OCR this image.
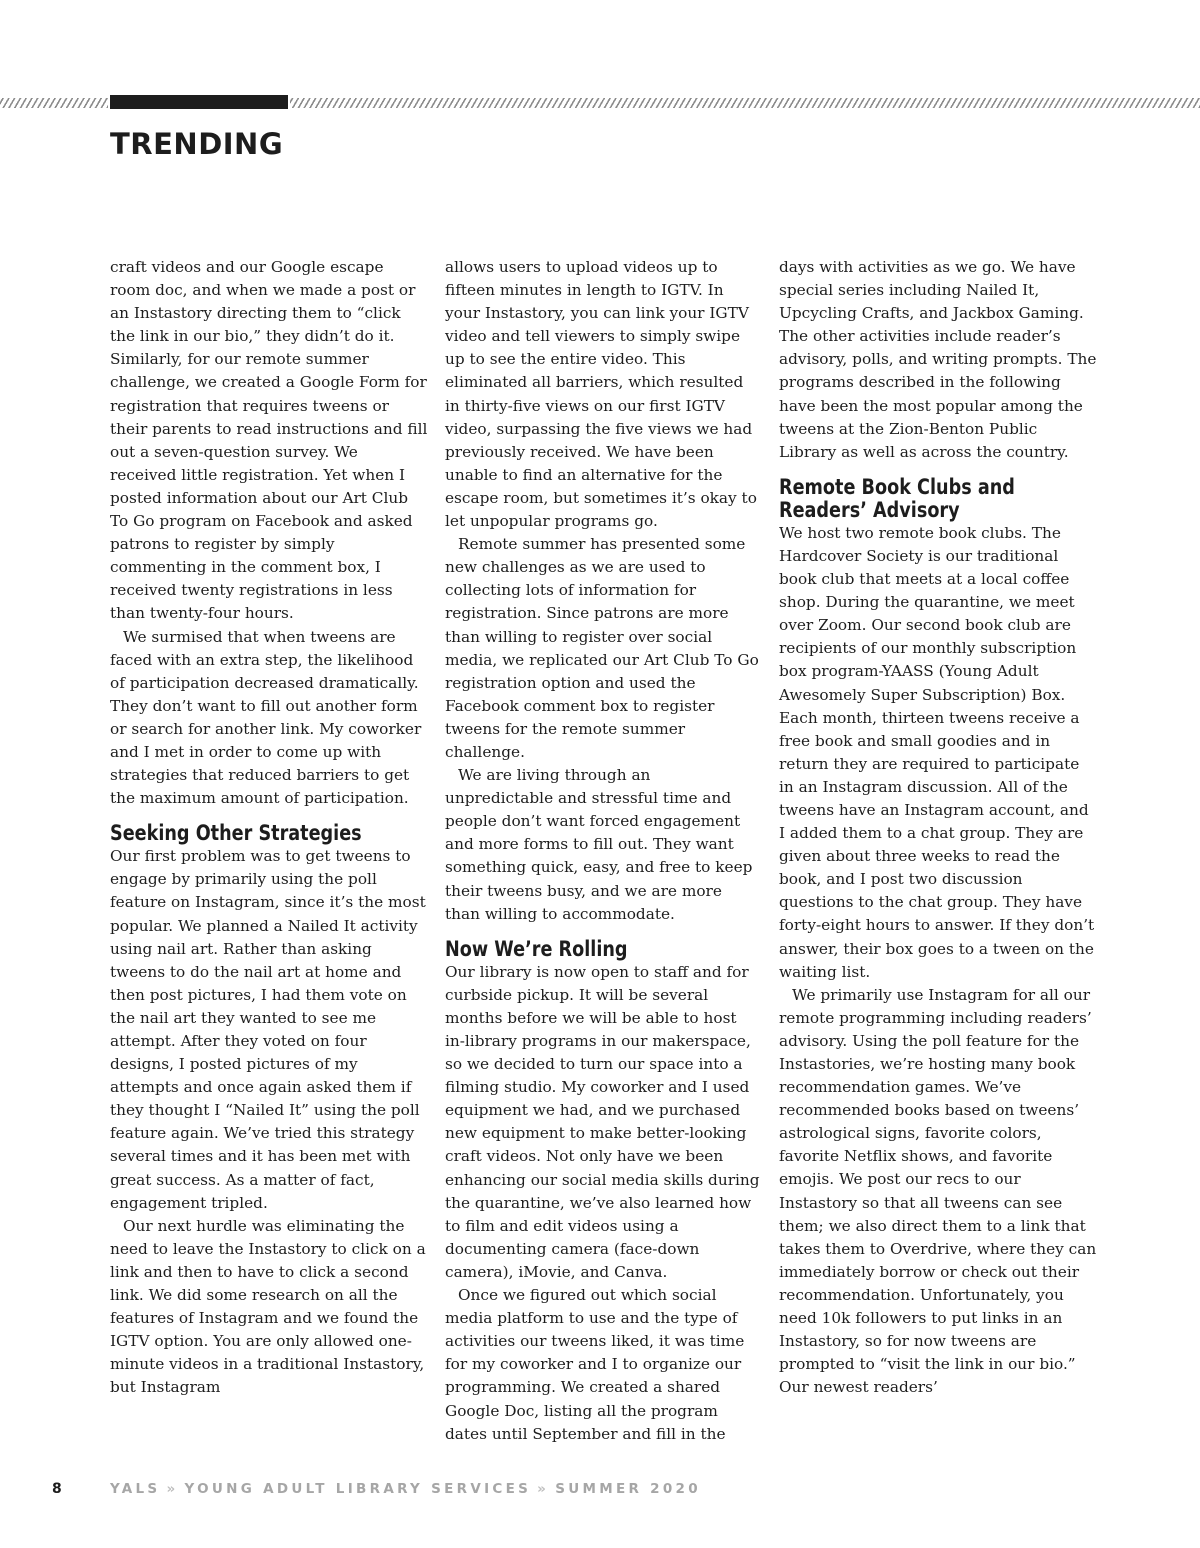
TRENDING

craft videos and our Google escape room doc, and when we made a post or an Instastory directing them to “click the link in our bio,” they didn’t do it. Similarly, for our remote summer challenge, we created a Google Form for registration that requires tweens or their parents to read instructions and fill out a seven-question survey. We received little registration. Yet when I posted information about our Art Club To Go program on Facebook and asked patrons to register by simply commenting in the comment box, I received twenty registrations in less than twenty-four hours.

We surmised that when tweens are faced with an extra step, the likelihood of participation decreased dramatically. They don’t want to fill out another form or search for another link. My coworker and I met in order to come up with strategies that reduced barriers to get the maximum amount of participation.

Seeking Other Strategies

Our first problem was to get tweens to engage by primarily using the poll feature on Instagram, since it’s the most popular. We planned a Nailed It activity using nail art. Rather than asking tweens to do the nail art at home and then post pictures, I had them vote on the nail art they wanted to see me attempt. After they voted on four designs, I posted pictures of my attempts and once again asked them if they thought I “Nailed It” using the poll feature again. We’ve tried this strategy several times and it has been met with great success. As a matter of fact, engagement tripled.

Our next hurdle was eliminating the need to leave the Instastory to click on a link and then to have to click a second link. We did some research on all the features of Instagram and we found the IGTV option. You are only allowed one-minute videos in a traditional Instastory, but Instagram

allows users to upload videos up to fifteen minutes in length to IGTV. In your Instastory, you can link your IGTV video and tell viewers to simply swipe up to see the entire video. This eliminated all barriers, which resulted in thirty-five views on our first IGTV video, surpassing the five views we had previously received. We have been unable to find an alternative for the escape room, but sometimes it’s okay to let unpopular programs go.

Remote summer has presented some new challenges as we are used to collecting lots of information for registration. Since patrons are more than willing to register over social media, we replicated our Art Club To Go registration option and used the Facebook comment box to register tweens for the remote summer challenge.

We are living through an unpredictable and stressful time and people don’t want forced engagement and more forms to fill out. They want something quick, easy, and free to keep their tweens busy, and we are more than willing to accommodate.

Now We’re Rolling

Our library is now open to staff and for curbside pickup. It will be several months before we will be able to host in-library programs in our makerspace, so we decided to turn our space into a filming studio. My coworker and I used equipment we had, and we purchased new equipment to make better-looking craft videos. Not only have we been enhancing our social media skills during the quarantine, we’ve also learned how to film and edit videos using a documenting camera (face-down camera), iMovie, and Canva.

Once we figured out which social media platform to use and the type of activities our tweens liked, it was time for my coworker and I to organize our programming. We created a shared Google Doc, listing all the program dates until September and fill in the

days with activities as we go. We have special series including Nailed It, Upcycling Crafts, and Jackbox Gaming. The other activities include reader’s advisory, polls, and writing prompts. The programs described in the following have been the most popular among the tweens at the Zion-Benton Public Library as well as across the country.

Remote Book Clubs and Readers’ Advisory

We host two remote book clubs. The Hardcover Society is our traditional book club that meets at a local coffee shop. During the quarantine, we meet over Zoom. Our second book club are recipients of our monthly subscription box program-YAASS (Young Adult Awesomely Super Subscription) Box. Each month, thirteen tweens receive a free book and small goodies and in return they are required to participate in an Instagram discussion. All of the tweens have an Instagram account, and I added them to a chat group. They are given about three weeks to read the book, and I post two discussion questions to the chat group. They have forty-eight hours to answer. If they don’t answer, their box goes to a tween on the waiting list.

We primarily use Instagram for all our remote programming including readers’ advisory. Using the poll feature for the Instastories, we’re hosting many book recommendation games. We’ve recommended books based on tweens’ astrological signs, favorite colors, favorite Netflix shows, and favorite emojis. We post our recs to our Instastory so that all tweens can see them; we also direct them to a link that takes them to Overdrive, where they can immediately borrow or check out their recommendation. Unfortunately, you need 10k followers to put links in an Instastory, so for now tweens are prompted to “visit the link in our bio.” Our newest readers’

8	YALS » YOUNG ADULT LIBRARY SERVICES » SUMMER 2020
